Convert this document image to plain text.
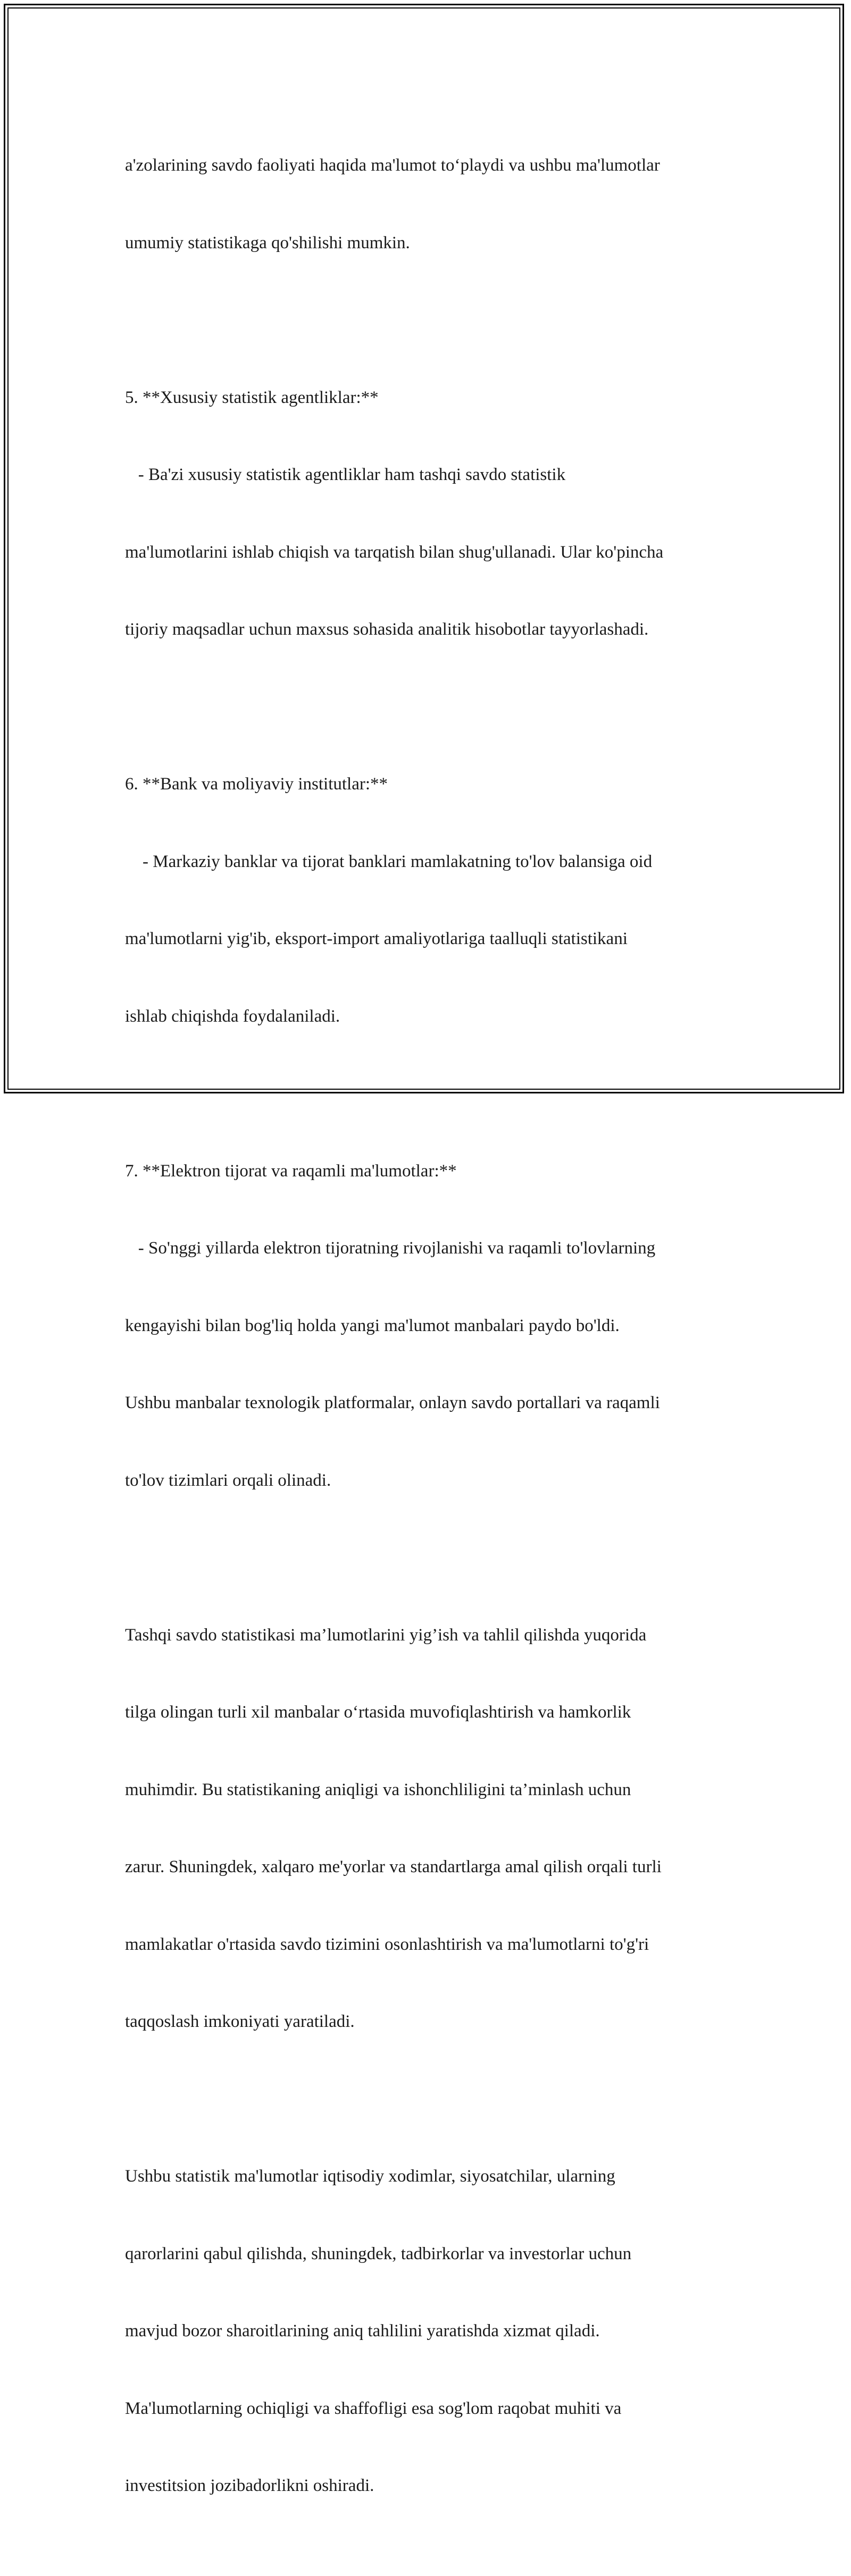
a'zolarining savdo faoliyati haqida ma'lumot to‘playdi va ushbu ma'lumotlar

umumiy statistikaga qo'shilishi mumkin.

5. **Xususiy statistik agentliklar:**

- Ba'zi xususiy statistik agentliklar ham tashqi savdo statistik

ma'lumotlarini ishlab chiqish va tarqatish bilan shug'ullanadi. Ular ko'pincha

tijoriy maqsadlar uchun maxsus sohasida analitik hisobotlar tayyorlashadi.

6. **Bank va moliyaviy institutlar:**

- Markaziy banklar va tijorat banklari mamlakatning to'lov balansiga oid

ma'lumotlarni yig'ib, eksport-import amaliyotlariga taalluqli statistikani

ishlab chiqishda foydalaniladi.

7. **Elektron tijorat va raqamli ma'lumotlar:**

- So'nggi yillarda elektron tijoratning rivojlanishi va raqamli to'lovlarning

kengayishi bilan bog'liq holda yangi ma'lumot manbalari paydo bo'ldi.

Ushbu manbalar texnologik platformalar, onlayn savdo portallari va raqamli

to'lov tizimlari orqali olinadi.

Tashqi savdo statistikasi ma’lumotlarini yig’ish va tahlil qilishda yuqorida

tilga olingan turli xil manbalar o‘rtasida muvofiqlashtirish va hamkorlik

muhimdir. Bu statistikaning aniqligi va ishonchliligini ta’minlash uchun

zarur. Shuningdek, xalqaro me'yorlar va standartlarga amal qilish orqali turli

mamlakatlar o'rtasida savdo tizimini osonlashtirish va ma'lumotlarni to'g'ri

taqqoslash imkoniyati yaratiladi.

Ushbu statistik ma'lumotlar iqtisodiy xodimlar, siyosatchilar, ularning

qarorlarini qabul qilishda, shuningdek, tadbirkorlar va investorlar uchun

mavjud bozor sharoitlarining aniq tahlilini yaratishda xizmat qiladi.

Ma'lumotlarning ochiqligi va shaffofligi esa sog'lom raqobat muhiti va

investitsion jozibadorlikni oshiradi.
